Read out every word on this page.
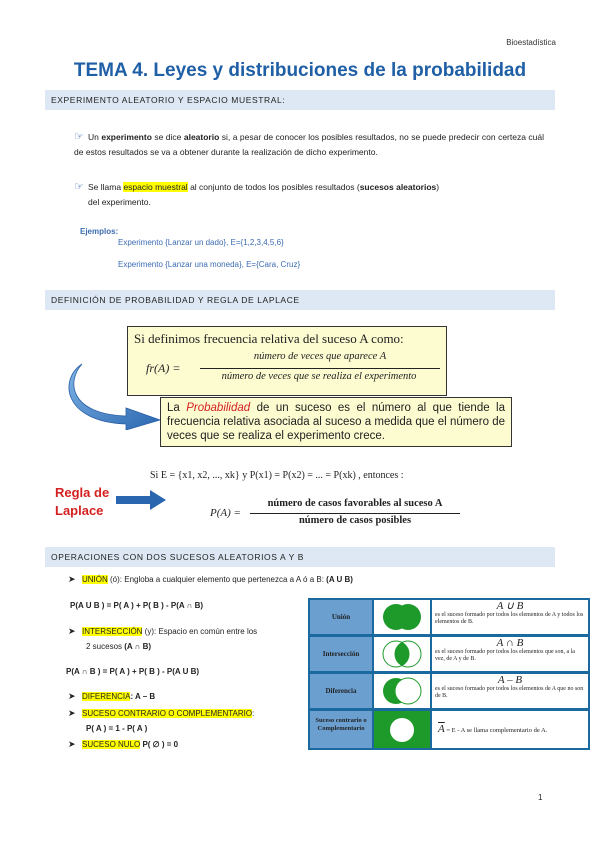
Bioestadística
TEMA 4. Leyes y distribuciones de la probabilidad
EXPERIMENTO ALEATORIO Y ESPACIO MUESTRAL:
☞ Un experimento se dice aleatorio si, a pesar de conocer los posibles resultados, no se puede predecir con certeza cuál de estos resultados se va a obtener durante la realización de dicho experimento.
☞ Se llama espacio muestral al conjunto de todos los posibles resultados (sucesos aleatorios)
del experimento.
Ejemplos:
Experimento {Lanzar un dado}, E={1,2,3,4,5,6}
Experimento {Lanzar una moneda}, E={Cara, Cruz}
DEFINICIÓN DE PROBABILIDAD Y REGLA DE LAPLACE
Si definimos frecuencia relativa del suceso A como:
fr(A) =
número de veces que aparece A
número de veces que se realiza el experimento
La Probabilidad de un suceso es el número al que tiende la frecuencia relativa asociada al suceso a medida que el número de veces que se realiza el experimento crece.
Regla de
Laplace
Si E = {x1, x2, ..., xk} y P(x1) = P(x2) = ... = P(xk) , entonces :
P(A) =
número de casos favorables al suceso A
número de casos posibles
OPERACIONES CON DOS SUCESOS ALEATORIOS A Y B
➤ UNIÓN (ó): Engloba a cualquier elemento que pertenezca a A ó a B: (A U B)
P(A U B ) = P( A ) + P( B ) - P(A ∩ B)
➤ INTERSECCIÓN (y): Espacio en común entre los
2 sucesos (A ∩ B)
P(A ∩ B ) = P( A ) + P( B ) - P(A U B)
➤ DIFERENCIA: A – B
➤ SUCESO CONTRARIO O COMPLEMENTARIO:
P( A ) = 1 - P( A )
➤ SUCESO NULO P( ∅ ) = 0
Unión
A ∪ B
es el suceso formado por todos los elementos de A y todos los elementos de B.
Intersección
A ∩ B
es el suceso formado por todos los elementos que son, a la vez, de A y de B.
Diferencia
A – B
es el suceso formado por todos los elementos de A que no son de B.
Suceso contrario o Complementario	$\overline{A} = E - A$ se llama complementario de A.
1
